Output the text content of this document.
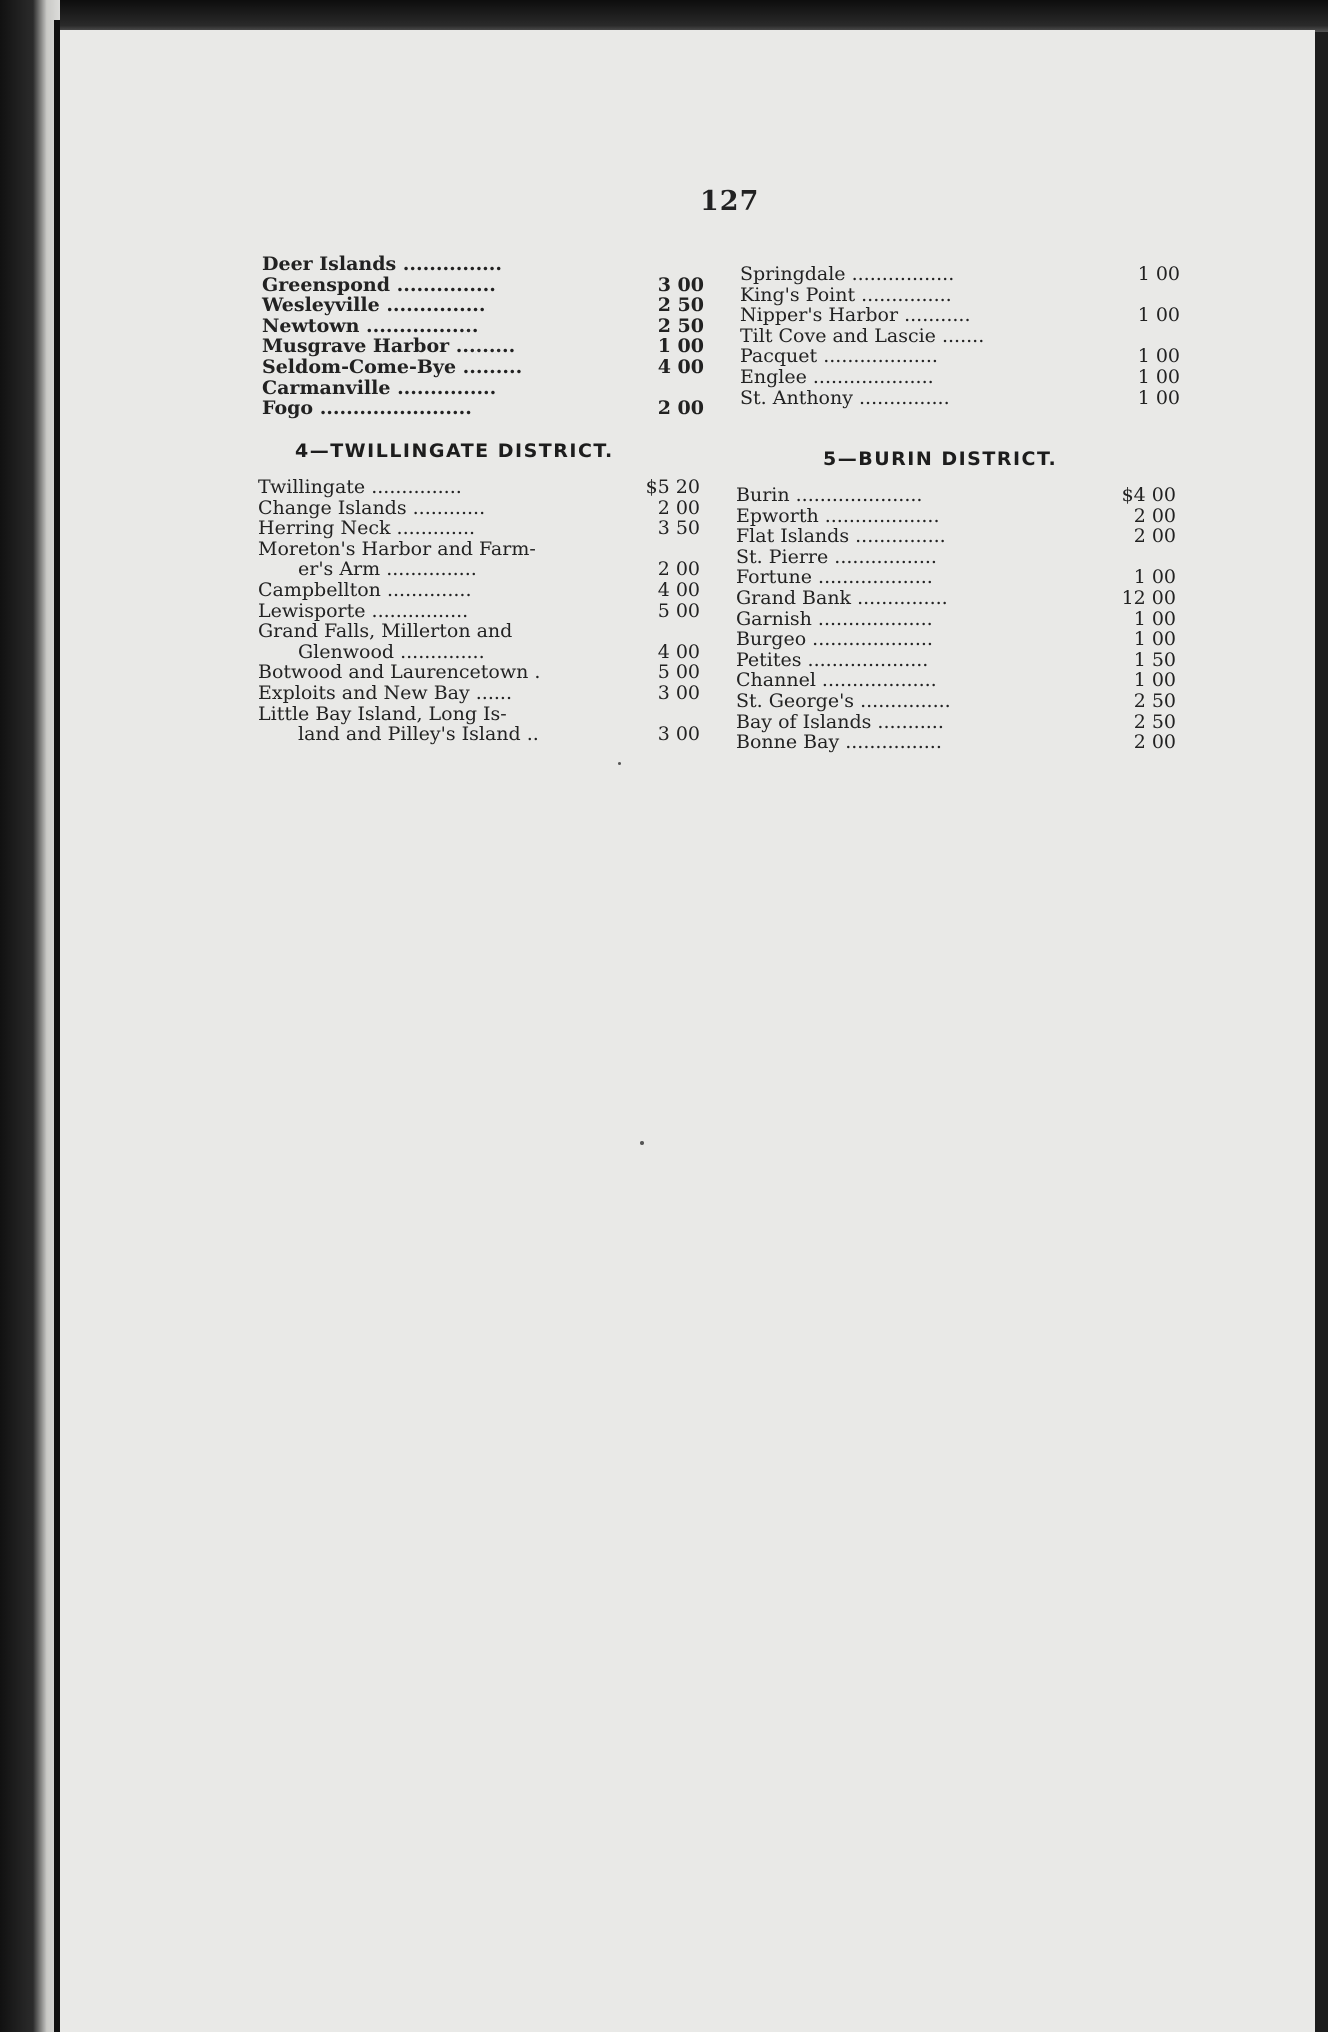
127
Deer Islands ...............
Greenspond ...............	3 00
Wesleyville ...............	2 50
Newtown .................	2 50
Musgrave Harbor .........	1 00
Seldom-Come-Bye .........	4 00
Carmanville ...............
Fogo .......................	2 00
4—TWILLINGATE DISTRICT.
Twillingate ...............	$5 20
Change Islands ............	2 00
Herring Neck .............	3 50
Moreton's Harbor and Farm-
er's Arm ...............	2 00
Campbellton ..............	4 00
Lewisporte ................	5 00
Grand Falls, Millerton and
Glenwood ..............	4 00
Botwood and Laurencetown .	5 00
Exploits and New Bay ......	3 00
Little Bay Island, Long Is-
land and Pilley's Island ..	3 00
Springdale .................	1 00
King's Point ...............
Nipper's Harbor ...........	1 00
Tilt Cove and Lascie .......
Pacquet ...................	1 00
Englee ....................	1 00
St. Anthony ...............	1 00
5—BURIN DISTRICT.
Burin .....................	$4 00
Epworth ...................	2 00
Flat Islands ...............	2 00
St. Pierre .................
Fortune ...................	1 00
Grand Bank ...............	12 00
Garnish ...................	1 00
Burgeo ....................	1 00
Petites ....................	1 50
Channel ...................	1 00
St. George's ...............	2 50
Bay of Islands ...........	2 50
Bonne Bay ................	2 00
